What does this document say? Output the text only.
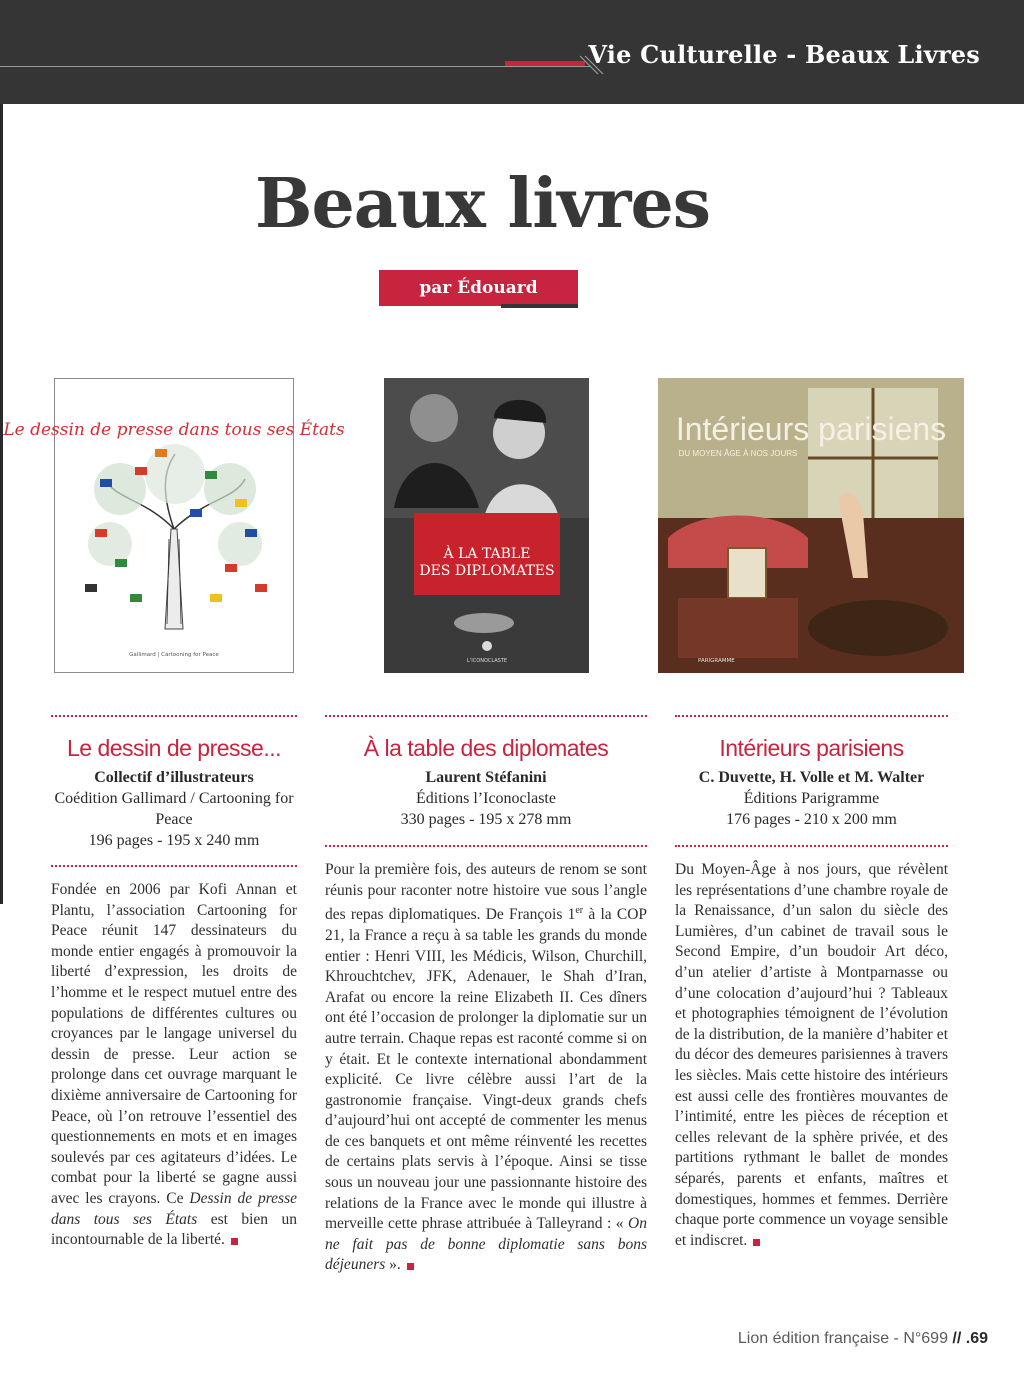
Vie Culturelle - Beaux Livres
Beaux livres
par Édouard Meystre
Le dessin de presse dans tous ses États
Gallimard | Cartooning for Peace
À LA TABLE
DES DIPLOMATES
L’ICONOCLASTE
Intérieurs parisiens
DU MOYEN ÂGE À NOS JOURS
PARIGRAMME
Le dessin de presse...
Collectif d’illustrateurs
Coédition Gallimard / Cartooning for Peace
196 pages - 195 x 240 mm

Fondée en 2006 par Kofi Annan et Plantu, l’association Cartooning for Peace réunit 147 dessinateurs du monde entier engagés à promouvoir la liberté d’expression, les droits de l’homme et le respect mutuel entre des populations de différentes cultures ou croyances par le langage universel du dessin de presse. Leur action se prolonge dans cet ouvrage marquant le dixième anniversaire de Cartooning for Peace, où l’on retrouve l’essentiel des questionnements en mots et en images soulevés par ces agitateurs d’idées. Le combat pour la liberté se gagne aussi avec les crayons. Ce Dessin de presse dans tous ses États est bien un incontournable de la liberté.

À la table des diplomates
Laurent Stéfanini
Éditions l’Iconoclaste
330 pages - 195 x 278 mm

Pour la première fois, des auteurs de renom se sont réunis pour raconter notre histoire vue sous l’angle des repas diplomatiques. De François 1er à la COP 21, la France a reçu à sa table les grands du monde entier : Henri VIII, les Médicis, Wilson, Churchill, Khrouchtchev, JFK, Adenauer, le Shah d’Iran, Arafat ou encore la reine Elizabeth II. Ces dîners ont été l’occasion de prolonger la diplomatie sur un autre terrain. Chaque repas est raconté comme si on y était. Et le contexte international abondamment explicité. Ce livre célèbre aussi l’art de la gastronomie française. Vingt-deux grands chefs d’aujourd’hui ont accepté de commenter les menus de ces banquets et ont même réinventé les recettes de certains plats servis à l’époque. Ainsi se tisse sous un nouveau jour une passionnante histoire des relations de la France avec le monde qui illustre à merveille cette phrase attribuée à Talleyrand : « On ne fait pas de bonne diplomatie sans bons déjeuners ».

Intérieurs parisiens
C. Duvette, H. Volle et M. Walter
Éditions Parigramme
176 pages - 210 x 200 mm

Du Moyen-Âge à nos jours, que révèlent les représentations d’une chambre royale de la Renaissance, d’un salon du siècle des Lumières, d’un cabinet de travail sous le Second Empire, d’un boudoir Art déco, d’un atelier d’artiste à Montparnasse ou d’une colocation d’aujourd’hui ? Tableaux et photographies témoignent de l’évolution de la distribution, de la manière d’habiter et du décor des demeures parisiennes à travers les siècles. Mais cette histoire des intérieurs est aussi celle des frontières mouvantes de l’intimité, entre les pièces de réception et celles relevant de la sphère privée, et des partitions rythmant le ballet de mondes séparés, parents et enfants, maîtres et domestiques, hommes et femmes. Derrière chaque porte commence un voyage sensible et indiscret.

Lion édition française - N°699 // .69
